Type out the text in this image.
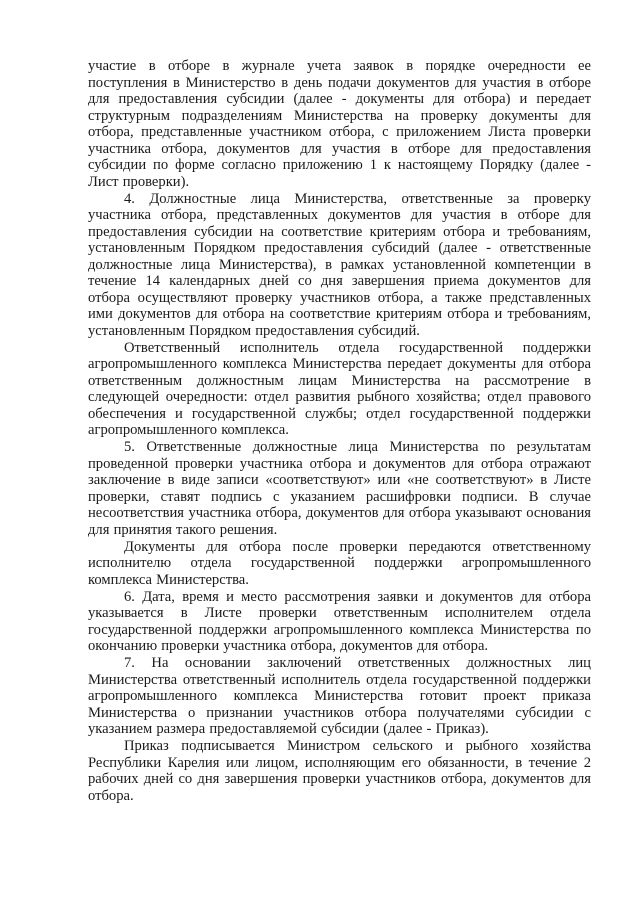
участие в отборе в журнале учета заявок в порядке очередности ее поступления в Министерство в день подачи документов для участия в отборе для предоставления субсидии (далее - документы для отбора) и передает структурным подразделениям Министерства на проверку документы для отбора, представленные участником отбора, с приложением Листа проверки участника отбора, документов для участия в отборе для предоставления субсидии по форме согласно приложению 1 к настоящему Порядку (далее - Лист проверки).

4. Должностные лица Министерства, ответственные за проверку участника отбора, представленных документов для участия в отборе для предоставления субсидии на соответствие критериям отбора и требованиям, установленным Порядком предоставления субсидий (далее - ответственные должностные лица Министерства), в рамках установленной компетенции в течение 14 календарных дней со дня завершения приема документов для отбора осуществляют проверку участников отбора, а также представленных ими документов для отбора на соответствие критериям отбора и требованиям, установленным Порядком предоставления субсидий.

Ответственный исполнитель отдела государственной поддержки агропромышленного комплекса Министерства передает документы для отбора ответственным должностным лицам Министерства на рассмотрение в следующей очередности: отдел развития рыбного хозяйства; отдел правового обеспечения и государственной службы; отдел государственной поддержки агропромышленного комплекса.

5. Ответственные должностные лица Министерства по результатам проведенной проверки участника отбора и документов для отбора отражают заключение в виде записи «соответствуют» или «не соответствуют» в Листе проверки, ставят подпись с указанием расшифровки подписи. В случае несоответствия участника отбора, документов для отбора указывают основания для принятия такого решения.

Документы для отбора после проверки передаются ответственному исполнителю отдела государственной поддержки агропромышленного комплекса Министерства.

6. Дата, время и место рассмотрения заявки и документов для отбора указывается в Листе проверки ответственным исполнителем отдела государственной поддержки агропромышленного комплекса Министерства по окончанию проверки участника отбора, документов для отбора.

7. На основании заключений ответственных должностных лиц Министерства ответственный исполнитель отдела государственной поддержки агропромышленного комплекса Министерства готовит проект приказа Министерства о признании участников отбора получателями субсидии с указанием размера предоставляемой субсидии (далее - Приказ).

Приказ подписывается Министром сельского и рыбного хозяйства Республики Карелия или лицом, исполняющим его обязанности, в течение 2 рабочих дней со дня завершения проверки участников отбора, документов для отбора.
